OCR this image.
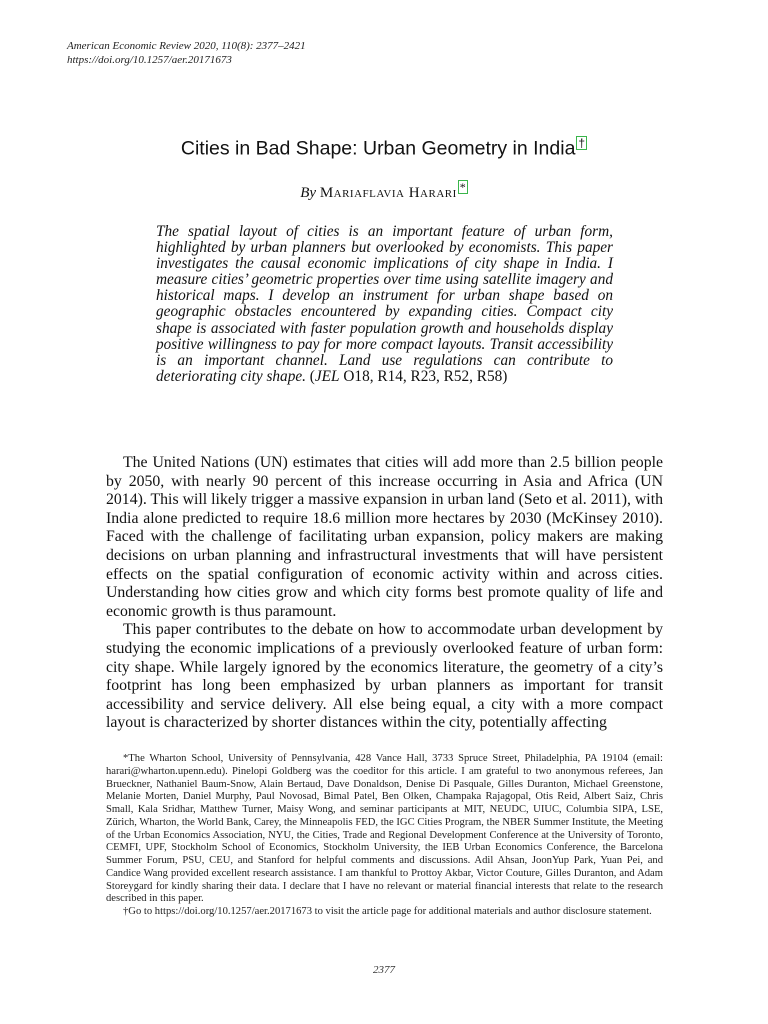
American Economic Review 2020, 110(8): 2377–2421
https://doi.org/10.1257/aer.20171673
Cities in Bad Shape: Urban Geometry in India †
By Mariaflavia Harari *
The spatial layout of cities is an important feature of urban form, highlighted by urban planners but overlooked by economists. This paper investigates the causal economic implications of city shape in India. I measure cities’ geometric properties over time using satellite imagery and historical maps. I develop an instrument for urban shape based on geographic obstacles encountered by expanding cities. Compact city shape is associated with faster population growth and households display positive willingness to pay for more compact layouts. Transit accessibility is an important channel. Land use regulations can contribute to deteriorating city shape. (JEL O18, R14, R23, R52, R58)

The United Nations (UN) estimates that cities will add more than 2.5 billion people by 2050, with nearly 90 percent of this increase occurring in Asia and Africa (UN 2014). This will likely trigger a massive expansion in urban land (Seto et al. 2011), with India alone predicted to require 18.6 million more hectares by 2030 (McKinsey 2010). Faced with the challenge of facilitating urban expansion, policy makers are making decisions on urban planning and infrastructural investments that will have persistent effects on the spatial configuration of economic activity within and across cities. Understanding how cities grow and which city forms best promote quality of life and economic growth is thus paramount.

This paper contributes to the debate on how to accommodate urban development by studying the economic implications of a previously overlooked feature of urban form: city shape. While largely ignored by the economics literature, the geometry of a city’s footprint has long been emphasized by urban planners as important for transit accessibility and service delivery. All else being equal, a city with a more compact layout is characterized by shorter distances within the city, potentially affecting

*The Wharton School, University of Pennsylvania, 428 Vance Hall, 3733 Spruce Street, Philadelphia, PA 19104 (email: harari@wharton.upenn.edu). Pinelopi Goldberg was the coeditor for this article. I am grateful to two anonymous referees, Jan Brueckner, Nathaniel Baum-Snow, Alain Bertaud, Dave Donaldson, Denise Di Pasquale, Gilles Duranton, Michael Greenstone, Melanie Morten, Daniel Murphy, Paul Novosad, Bimal Patel, Ben Olken, Champaka Rajagopal, Otis Reid, Albert Saiz, Chris Small, Kala Sridhar, Matthew Turner, Maisy Wong, and seminar participants at MIT, NEUDC, UIUC, Columbia SIPA, LSE, Zürich, Wharton, the World Bank, Carey, the Minneapolis FED, the IGC Cities Program, the NBER Summer Institute, the Meeting of the Urban Economics Association, NYU, the Cities, Trade and Regional Development Conference at the University of Toronto, CEMFI, UPF, Stockholm School of Economics, Stockholm University, the IEB Urban Economics Conference, the Barcelona Summer Forum, PSU, CEU, and Stanford for helpful comments and discussions. Adil Ahsan, JoonYup Park, Yuan Pei, and Candice Wang provided excellent research assistance. I am thankful to Prottoy Akbar, Victor Couture, Gilles Duranton, and Adam Storeygard for kindly sharing their data. I declare that I have no relevant or material financial interests that relate to the research described in this paper.

†Go to https://doi.org/10.1257/aer.20171673 to visit the article page for additional materials and author disclosure statement.

2377
